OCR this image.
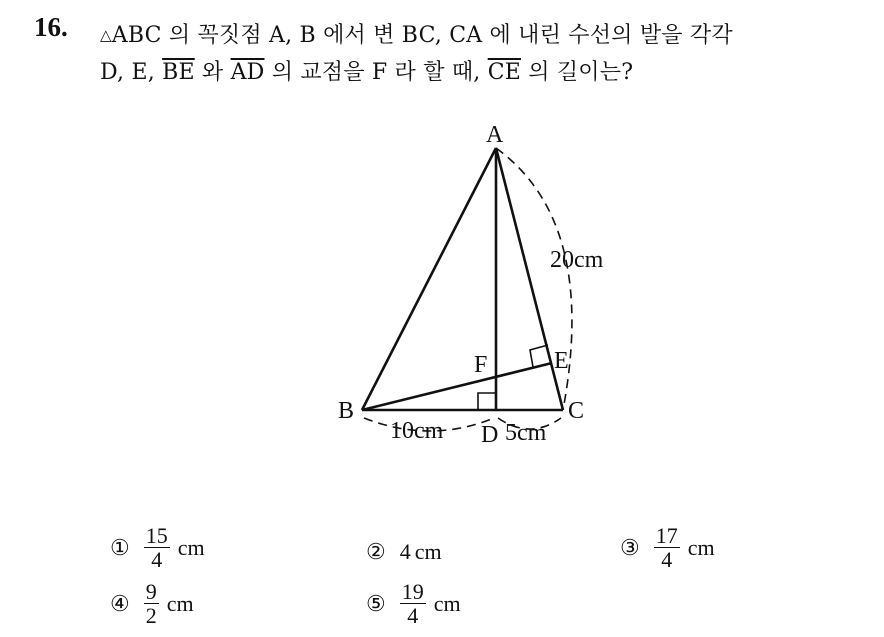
16. △ABC 의 꼭짓점 A, B 에서 변 BC, CA 에 내린 수선의 발을 각각
D, E, $\overline{BE}$ 와 $\overline{AD}$ 의 교점을 F 라 할 때, $\overline{CE}$ 의 길이는?
A
B	C
D
E
F
20cm
10cm	5cm
① $\frac{15}{4}$ cm	② 4 cm	③ $\frac{17}{4}$ cm
④ $\frac{9}{2}$ cm	⑤ $\frac{19}{4}$ cm
